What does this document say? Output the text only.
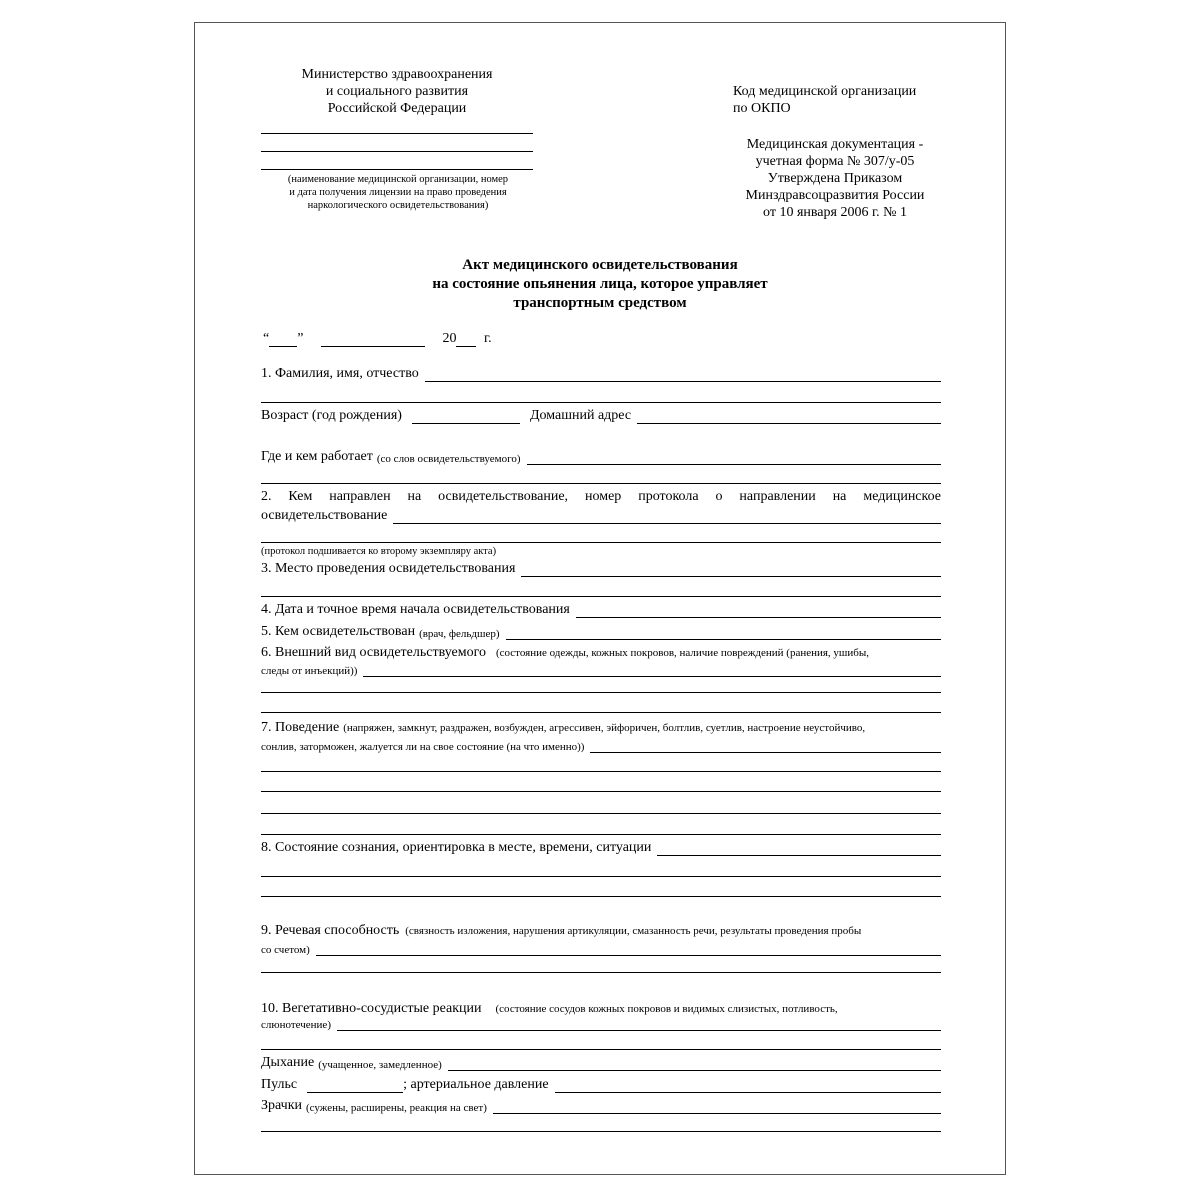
Министерство здравоохранения
и социального развития
Российской Федерации
(наименование медицинской организации, номер
и дата получения лицензии на право проведения
наркологического освидетельствования)
Код медицинской организации
по ОКПО
Медицинская документация -
учетная форма № 307/у-05
Утверждена Приказом
Минздравсоцразвития России
от 10 января 2006 г. № 1
Акт медицинского освидетельствования
на состояние опьянения лица, которое управляет
транспортным средством
“ ”	20 г.
1. Фамилия, имя, отчество
Возраст (год рождения)	Домашний адрес
Где и кем работает (со слов освидетельствуемого)
2. Кем направлен на освидетельствование, номер протокола о направлении на медицинское
освидетельствование
(протокол подшивается ко второму экземпляру акта)
3. Место проведения освидетельствования
4. Дата и точное время начала освидетельствования
5. Кем освидетельствован (врач, фельдшер)
6. Внешний вид освидетельствуемого (состояние одежды, кожных покровов, наличие повреждений (ранения, ушибы,
следы от инъекций))
7. Поведение (напряжен, замкнут, раздражен, возбужден, агрессивен, эйфоричен, болтлив, суетлив, настроение неустойчиво,
сонлив, заторможен, жалуется ли на свое состояние (на что именно))
8. Состояние сознания, ориентировка в месте, времени, ситуации
9. Речевая способность (связность изложения, нарушения артикуляции, смазанность речи, результаты проведения пробы
со счетом)
10. Вегетативно-сосудистые реакции (состояние сосудов кожных покровов и видимых слизистых, потливость,
слюнотечение)
Дыхание (учащенное, замедленное)
Пульс	; артериальное давление
Зрачки (сужены, расширены, реакция на свет)
